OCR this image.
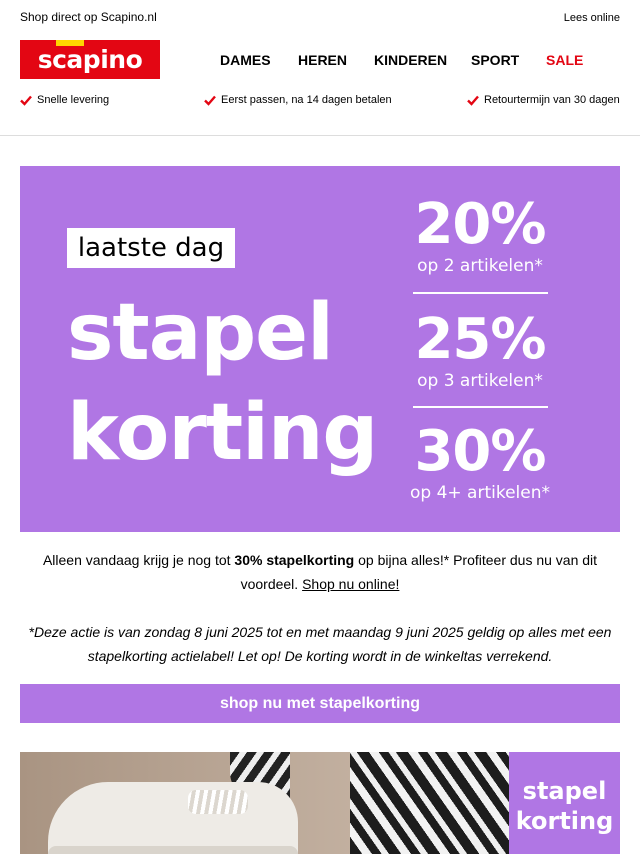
Shop direct op Scapino.nl	Lees online
scapino	DAMES HEREN KINDEREN SPORT SALE
Snelle levering	Eerst passen, na 14 dagen betalen	Retourtermijn van 30 dagen
laatste dag
stapel
korting
20%
op 2 artikelen*
25%
op 3 artikelen*
30%
op 4+ artikelen*

Alleen vandaag krijg je nog tot 30% stapelkorting op bijna alles!* Profiteer dus nu van dit voordeel. Shop nu online!

*Deze actie is van zondag 8 juni 2025 tot en met maandag 9 juni 2025 geldig op alles met een stapelkorting actielabel! Let op! De korting wordt in de winkeltas verrekend.

shop nu met stapelkorting
stapel
korting
